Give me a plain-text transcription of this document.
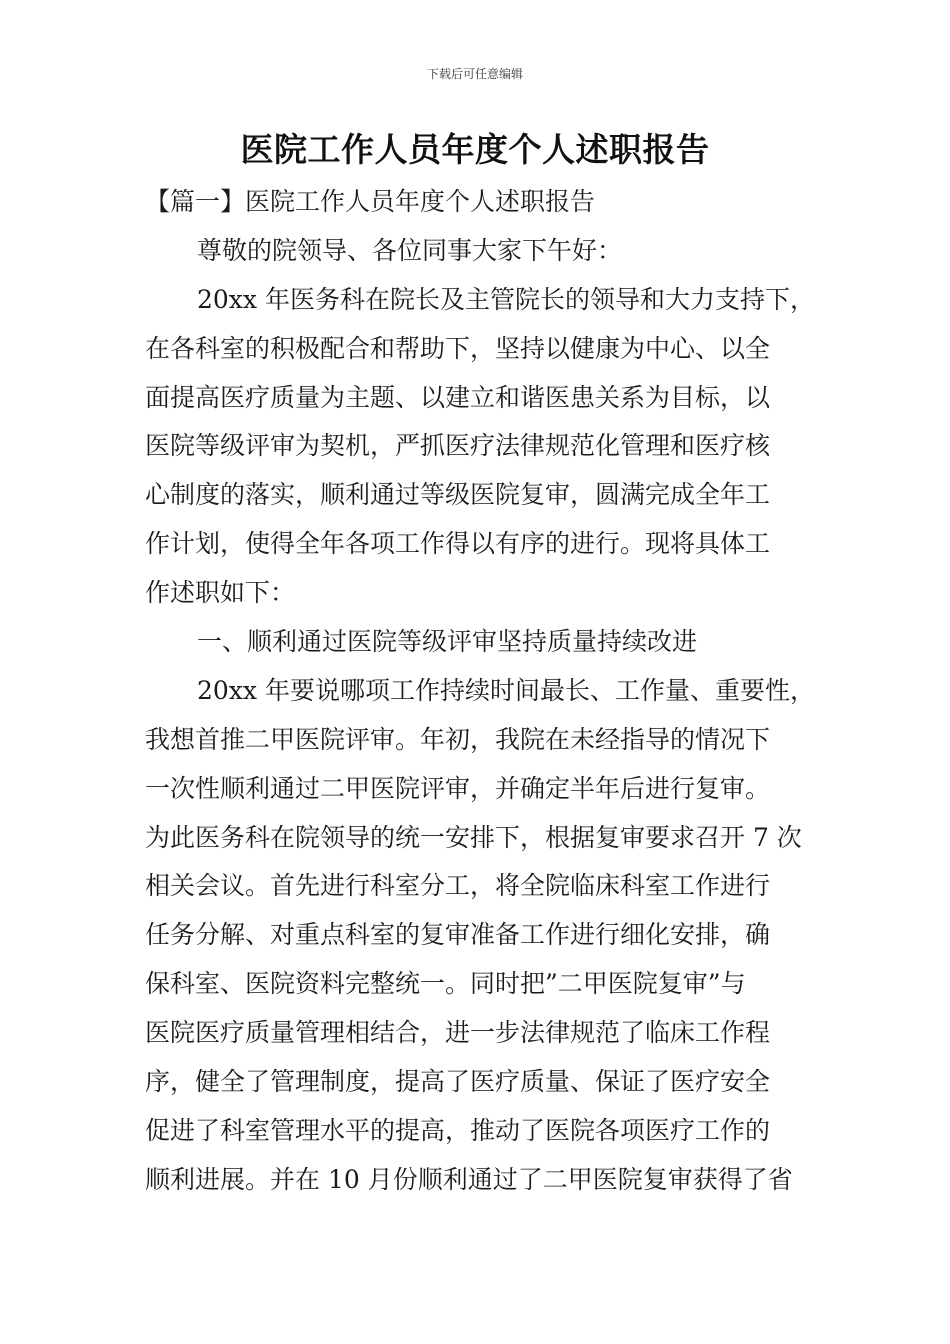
下载后可任意编辑
医院工作人员年度个人述职报告
【篇一】医院工作人员年度个人述职报告
尊敬的院领导、各位同事大家下午好：
20xx 年医务科在院长及主管院长的领导和大力支持下，
在各科室的积极配合和帮助下，坚持以健康为中心、以全
面提高医疗质量为主题、以建立和谐医患关系为目标，以
医院等级评审为契机，严抓医疗法律规范化管理和医疗核
心制度的落实，顺利通过等级医院复审，圆满完成全年工
作计划，使得全年各项工作得以有序的进行。现将具体工
作述职如下：
一、顺利通过医院等级评审坚持质量持续改进
20xx 年要说哪项工作持续时间最长、工作量、重要性，
我想首推二甲医院评审。年初，我院在未经指导的情况下
一次性顺利通过二甲医院评审，并确定半年后进行复审。
为此医务科在院领导的统一安排下，根据复审要求召开 7 次
相关会议。首先进行科室分工，将全院临床科室工作进行
任务分解、对重点科室的复审准备工作进行细化安排，确
保科室、医院资料完整统一。同时把”二甲医院复审”与
医院医疗质量管理相结合，进一步法律规范了临床工作程
序，健全了管理制度，提高了医疗质量、保证了医疗安全
促进了科室管理水平的提高，推动了医院各项医疗工作的
顺利进展。并在 10 月份顺利通过了二甲医院复审获得了省
